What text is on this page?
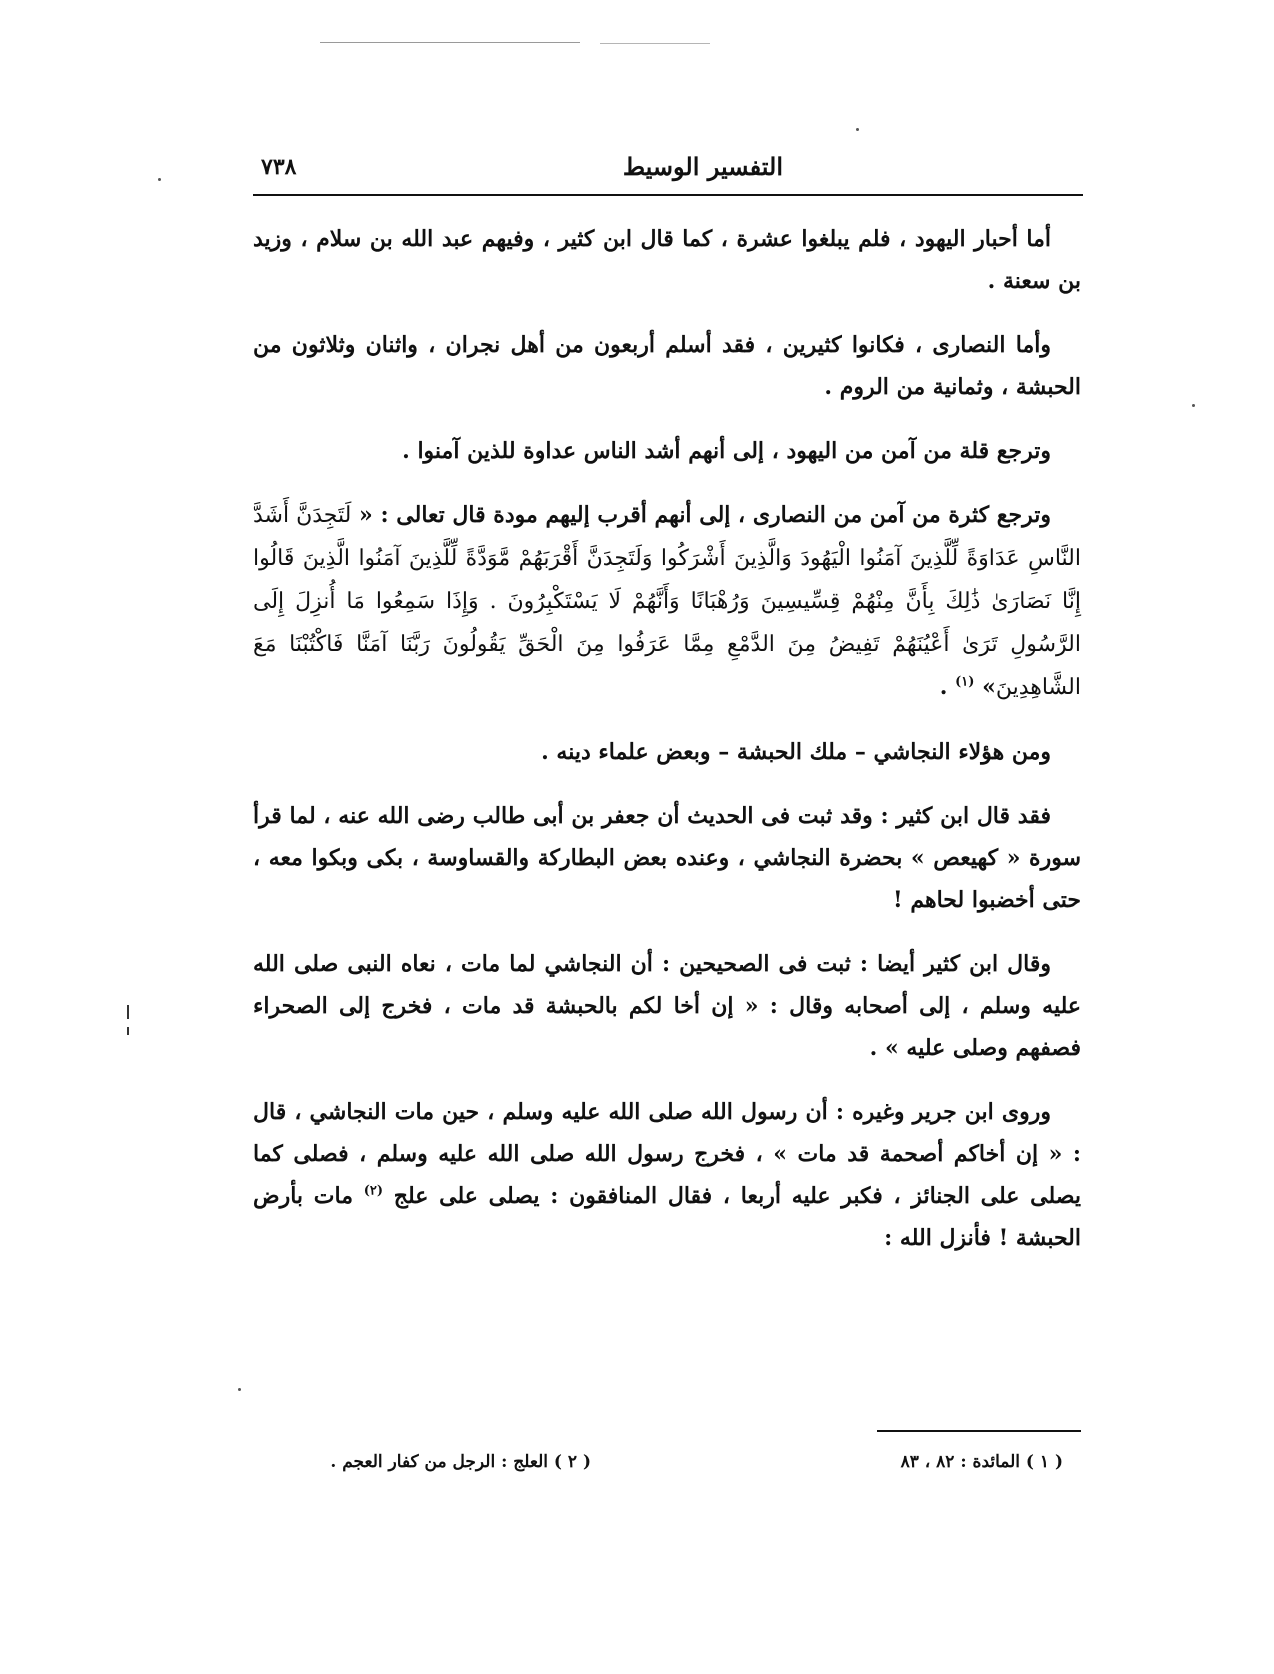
التفسير الوسيط
٧٣٨

أما أحبار اليهود ، فلم يبلغوا عشرة ، كما قال ابن كثير ، وفيهم عبد الله بن سلام ، وزيد بن سعنة .

وأما النصارى ، فكانوا كثيرين ، فقد أسلم أربعون من أهل نجران ، واثنان وثلاثون من الحبشة ، وثمانية من الروم .

وترجع قلة من آمن من اليهود ، إلى أنهم أشد الناس عداوة للذين آمنوا .

وترجع كثرة من آمن من النصارى ، إلى أنهم أقرب إليهم مودة قال تعالى : « لَتَجِدَنَّ أَشَدَّ النَّاسِ عَدَاوَةً لِّلَّذِينَ آمَنُوا الْيَهُودَ وَالَّذِينَ أَشْرَكُوا وَلَتَجِدَنَّ أَقْرَبَهُمْ مَّوَدَّةً لِّلَّذِينَ آمَنُوا الَّذِينَ قَالُوا إِنَّا نَصَارَىٰ ذَٰلِكَ بِأَنَّ مِنْهُمْ قِسِّيسِينَ وَرُهْبَانًا وَأَنَّهُمْ لَا يَسْتَكْبِرُونَ . وَإِذَا سَمِعُوا مَا أُنزِلَ إِلَى الرَّسُولِ تَرَىٰ أَعْيُنَهُمْ تَفِيضُ مِنَ الدَّمْعِ مِمَّا عَرَفُوا مِنَ الْحَقِّ يَقُولُونَ رَبَّنَا آمَنَّا فَاكْتُبْنَا مَعَ الشَّاهِدِينَ» $^{(١)}$ .

ومن هؤلاء النجاشي – ملك الحبشة – وبعض علماء دينه .

فقد قال ابن كثير : وقد ثبت فى الحديث أن جعفر بن أبى طالب رضى الله عنه ، لما قرأ سورة « كهيعص » بحضرة النجاشي ، وعنده بعض البطاركة والقساوسة ، بكى وبكوا معه ، حتى أخضبوا لحاهم !

وقال ابن كثير أيضا : ثبت فى الصحيحين : أن النجاشي لما مات ، نعاه النبى صلى الله عليه وسلم ، إلى أصحابه وقال : « إن أخا لكم بالحبشة قد مات ، فخرج إلى الصحراء فصفهم وصلى عليه » .

وروى ابن جرير وغيره : أن رسول الله صلى الله عليه وسلم ، حين مات النجاشي ، قال : « إن أخاكم أصحمة قد مات » ، فخرج رسول الله صلى الله عليه وسلم ، فصلى كما يصلى على الجنائز ، فكبر عليه أربعا ، فقال المنافقون : يصلى على علج $^{(٢)}$ مات بأرض الحبشة ! فأنزل الله :

( ١ ) المائدة : ٨٢ ، ٨٣
( ٢ ) العلج : الرجل من كفار العجم .
